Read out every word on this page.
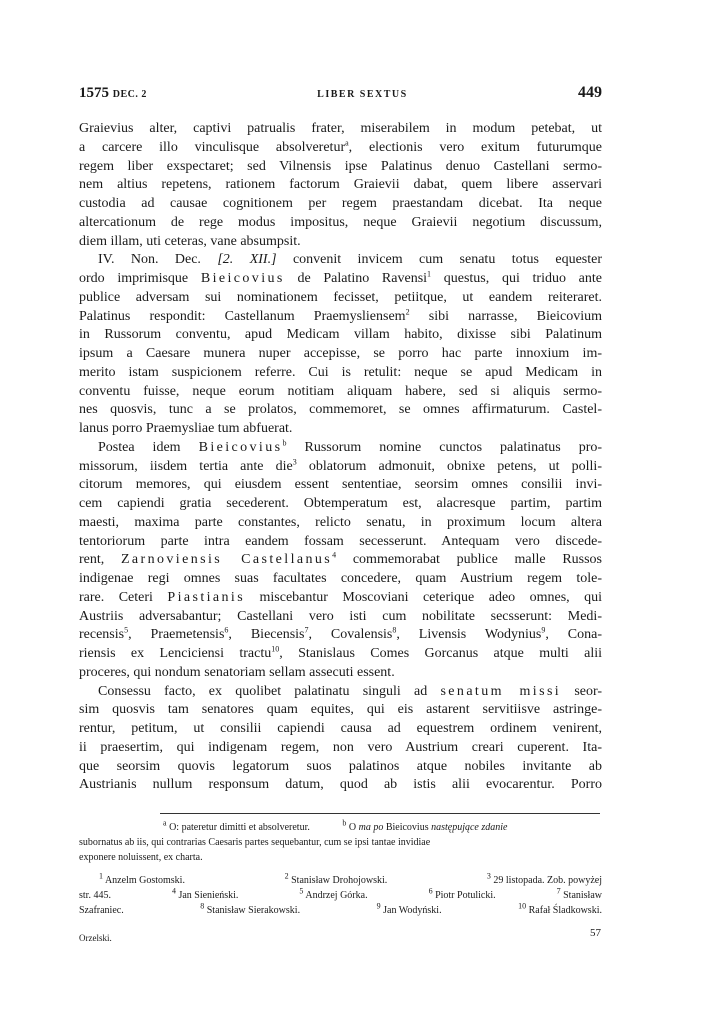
1575 DEC. 2	LIBER SEXTUS	449

Graievius alter, captivi patrualis frater, miserabilem in modum petebat, ut
a carcere illo vinculisque absolveretur$^a$, electionis vero exitum futurumque
regem liber exspectaret; sed Vilnensis ipse Palatinus denuo Castellani sermo-
nem altius repetens, rationem factorum Graievii dabat, quem libere asservari
custodia ad causae cognitionem per regem praestandam dicebat. Ita neque
altercationum de rege modus impositus, neque Graievii negotium discussum,
diem illam, uti ceteras, vane absumpsit.

IV. Non. Dec. [2. XII.] convenit invicem cum senatu totus equester
ordo imprimisque Bieicovius de Palatino Ravensi$^1$ questus, qui triduo ante
publice adversam sui nominationem fecisset, petiitque, ut eandem reiteraret.
Palatinus respondit: Castellanum Praemysliensem$^2$ sibi narrasse, Bieicovium
in Russorum conventu, apud Medicam villam habito, dixisse sibi Palatinum
ipsum a Caesare munera nuper accepisse, se porro hac parte innoxium im-
merito istam suspicionem referre. Cui is retulit: neque se apud Medicam in
conventu fuisse, neque eorum notitiam aliquam habere, sed si aliquis sermo-
nes quosvis, tunc a se prolatos, commemoret, se omnes affirmaturum. Castel-
lanus porro Praemysliae tum abfuerat.

Postea idem Bieicovius$^b$ Russorum nomine cunctos palatinatus pro-
missorum, iisdem tertia ante die$^3$ oblatorum admonuit, obnixe petens, ut polli-
citorum memores, qui eiusdem essent sententiae, seorsim omnes consilii invi-
cem capiendi gratia secederent. Obtemperatum est, alacresque partim, partim
maesti, maxima parte constantes, relicto senatu, in proximum locum altera
tentoriorum parte intra eandem fossam secesserunt. Antequam vero discede-
rent, Zarnoviensis Castellanus$^4$ commemorabat publice malle Russos
indigenae regi omnes suas facultates concedere, quam Austrium regem tole-
rare. Ceteri Piastianis miscebantur Moscoviani ceterique adeo omnes, qui
Austriis adversabantur; Castellani vero isti cum nobilitate secsserunt: Medi-
recensis$^5$, Praemetensis$^6$, Biecensis$^7$, Covalensis$^8$, Livensis Wodynius$^9$, Cona-
riensis ex Lenciciensi tractu$^{10}$, Stanislaus Comes Gorcanus atque multi alii
proceres, qui nondum senatoriam sellam assecuti essent.

Consessu facto, ex quolibet palatinatu singuli ad senatum missi seor-
sim quosvis tam senatores quam equites, qui eis astarent servitiisve astringe-
rentur, petitum, ut consilii capiendi causa ad equestrem ordinem venirent,
ii praesertim, qui indigenam regem, non vero Austrium creari cuperent. Ita-
que seorsim quovis legatorum suos palatinos atque nobiles invitante ab
Austrianis nullum responsum datum, quod ab istis alii evocarentur. Porro

$^a$ O: pateretur dimitti et absolveretur.	$^b$ O ma po Bieicovius następujące zdanie
subornatus ab iis, qui contrarias Caesaris partes sequebantur, cum se ipsi tantae invidiae
exponere noluissent, ex charta.
$^1$ Anzelm Gostomski.	$^2$ Stanisław Drohojowski.	$^3$ 29 listopada. Zob. powyżej
str. 445.	$^4$ Jan Sienieński.	$^5$ Andrzej Górka.	$^6$ Piotr Potulicki.	$^7$ Stanisław
Szafraniec.	$^8$ Stanisław Sierakowski.	$^9$ Jan Wodyński.	$^{10}$ Rafał Śladkowski.
Orzelski.	57
